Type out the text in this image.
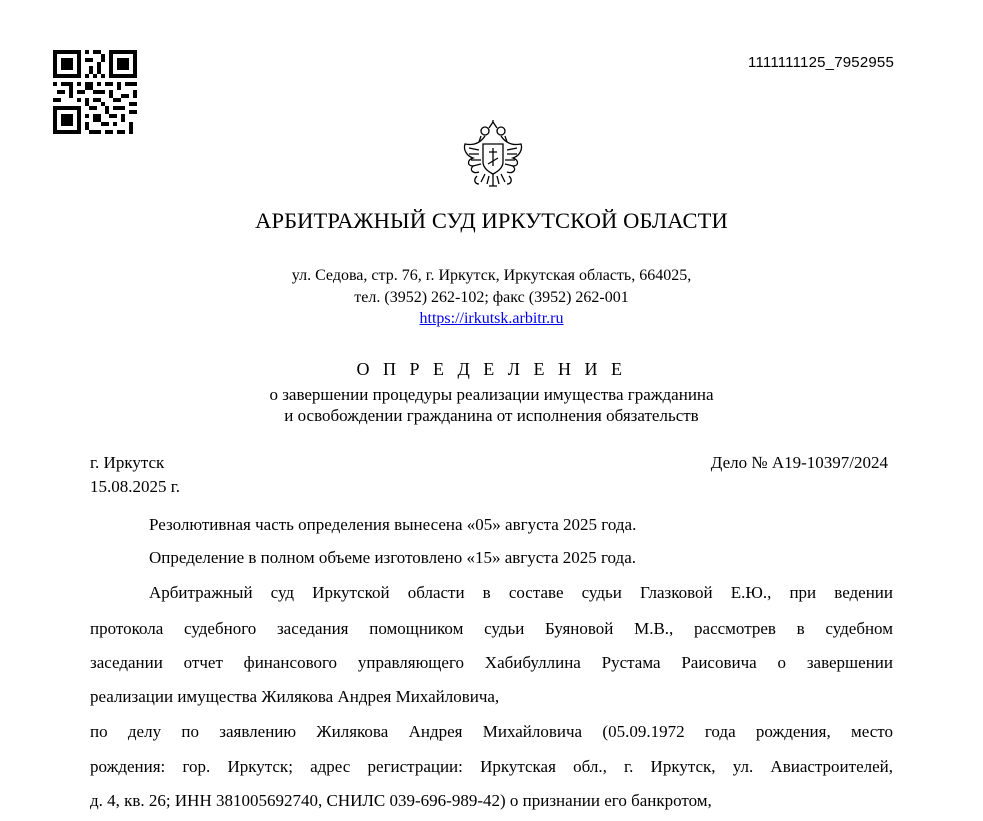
1111111125_7952955
АРБИТРАЖНЫЙ СУД ИРКУТСКОЙ ОБЛАСТИ
ул. Седова, стр. 76, г. Иркутск, Иркутская область, 664025,
тел. (3952) 262-102; факс (3952) 262-001
https://irkutsk.arbitr.ru
О П Р Е Д Е Л Е Н И Е
о завершении процедуры реализации имущества гражданина
и освобождении гражданина от исполнения обязательств
г. Иркутск
15.08.2025 г.
Дело № А19-10397/2024
Резолютивная часть определения вынесена «05» августа 2025 года.
Определение в полном объеме изготовлено «15» августа 2025 года.
Арбитражный суд Иркутской области в составе судьи Глазковой Е.Ю., при ведении
протокола судебного заседания помощником судьи Буяновой М.В., рассмотрев в судебном
заседании отчет финансового управляющего Хабибуллина Рустама Раисовича о завершении
реализации имущества Жилякова Андрея Михайловича,
по делу по заявлению Жилякова Андрея Михайловича (05.09.1972 года рождения, место
рождения: гор. Иркутск; адрес регистрации: Иркутская обл., г. Иркутск, ул. Авиастроителей,
д. 4, кв. 26; ИНН 381005692740, СНИЛС 039-696-989-42) о признании его банкротом,
